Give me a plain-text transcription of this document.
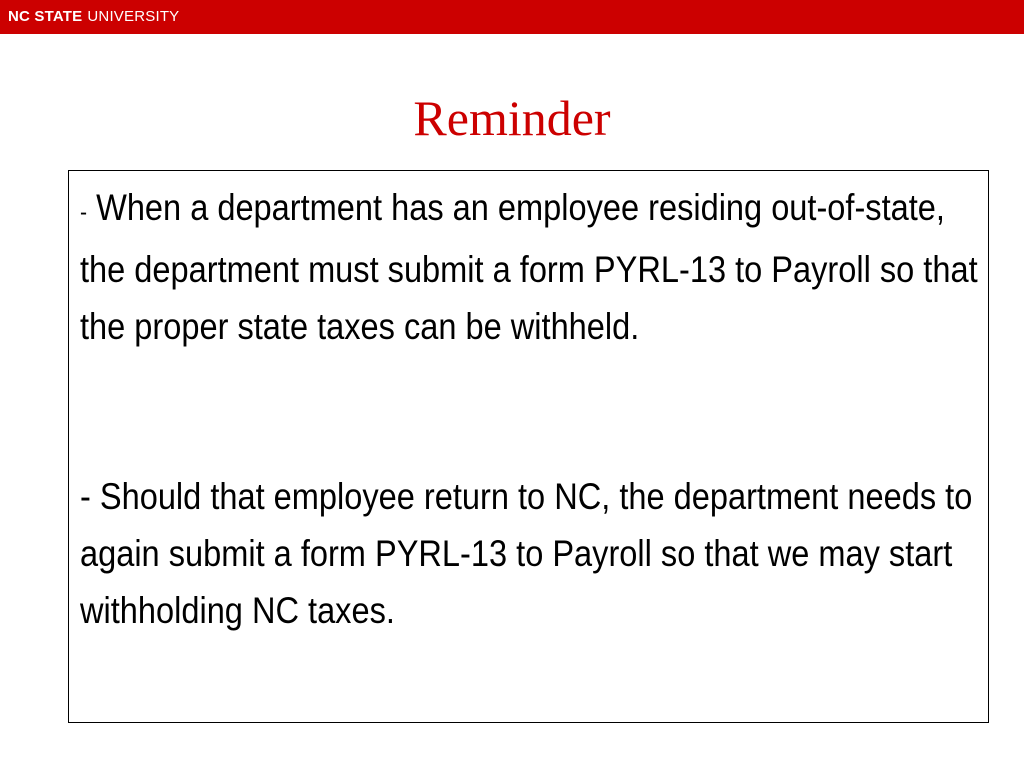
NC STATE UNIVERSITY
Reminder

- When a department has an employee residing out-of-state, the department must submit a form PYRL-13 to Payroll so that the proper state taxes can be withheld.

- Should that employee return to NC, the department needs to again submit a form PYRL-13 to Payroll so that we may start withholding NC taxes.
